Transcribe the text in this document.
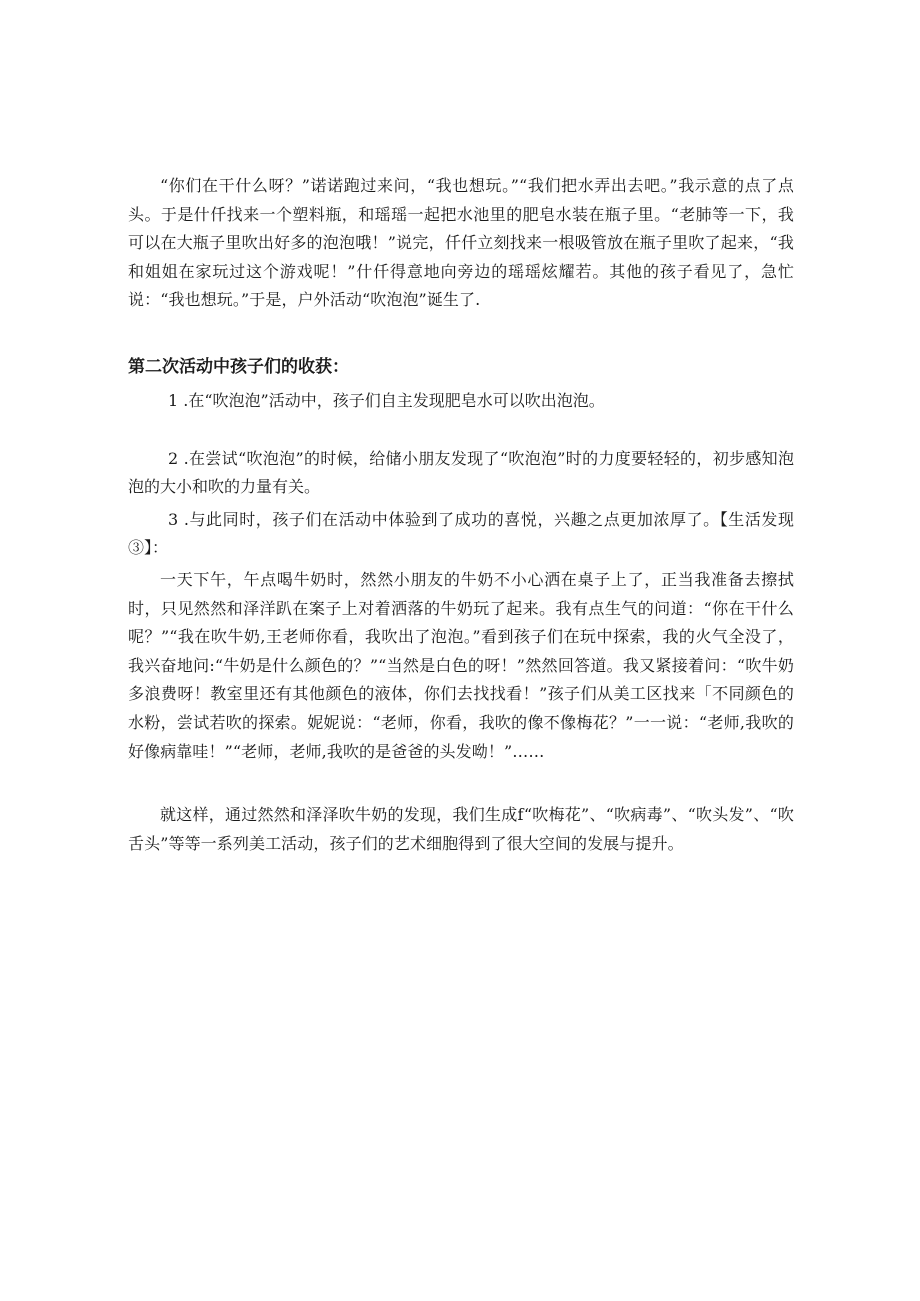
“你们在干什么呀？”诺诺跑过来问，“我也想玩。”“我们把水弄出去吧。”我示意的点了点头。于是什仟找来一个塑料瓶，和瑶瑶一起把水池里的肥皂水装在瓶子里。“老肺等一下，我可以在大瓶子里吹出好多的泡泡哦！”说完，仟仟立刻找来一根吸管放在瓶子里吹了起来，“我和姐姐在家玩过这个游戏呢！”什仟得意地向旁边的瑶瑶炫耀若。其他的孩子看见了，急忙说：“我也想玩。”于是，户外活动“吹泡泡”诞生了.

第二次活动中孩子们的收获：

1 .在“吹泡泡”活动中，孩子们自主发现肥皂水可以吹出泡泡。

2 .在尝试“吹泡泡”的时候，给储小朋友发现了“吹泡泡”时的力度要轻轻的，初步感知泡泡的大小和吹的力量有关。

3 .与此同时，孩子们在活动中体验到了成功的喜悦，兴趣之点更加浓厚了。【生活发现③】：

一天下午，午点喝牛奶时，然然小朋友的牛奶不小心洒在桌子上了，正当我准备去擦拭时，只见然然和泽洋趴在案子上对着洒落的牛奶玩了起来。我有点生气的问道：“你在干什么呢？”“我在吹牛奶,王老师你看，我吹出了泡泡。”看到孩子们在玩中探索，我的火气全没了，我兴奋地问:“牛奶是什么颜色的？”“当然是白色的呀！”然然回答道。我又紧接着问：“吹牛奶多浪费呀！教室里还有其他颜色的液体，你们去找找看！”孩子们从美工区找来「不同颜色的水粉，尝试若吹的探索。妮妮说：“老师，你看，我吹的像不像梅花？”一一说：“老师,我吹的好像病靠哇！”“老师，老师,我吹的是爸爸的头发呦！”……

就这样，通过然然和泽泽吹牛奶的发现，我们生成f“吹梅花”、“吹病毒”、“吹头发”、“吹舌头”等等一系列美工活动，孩子们的艺术细胞得到了很大空间的发展与提升。
